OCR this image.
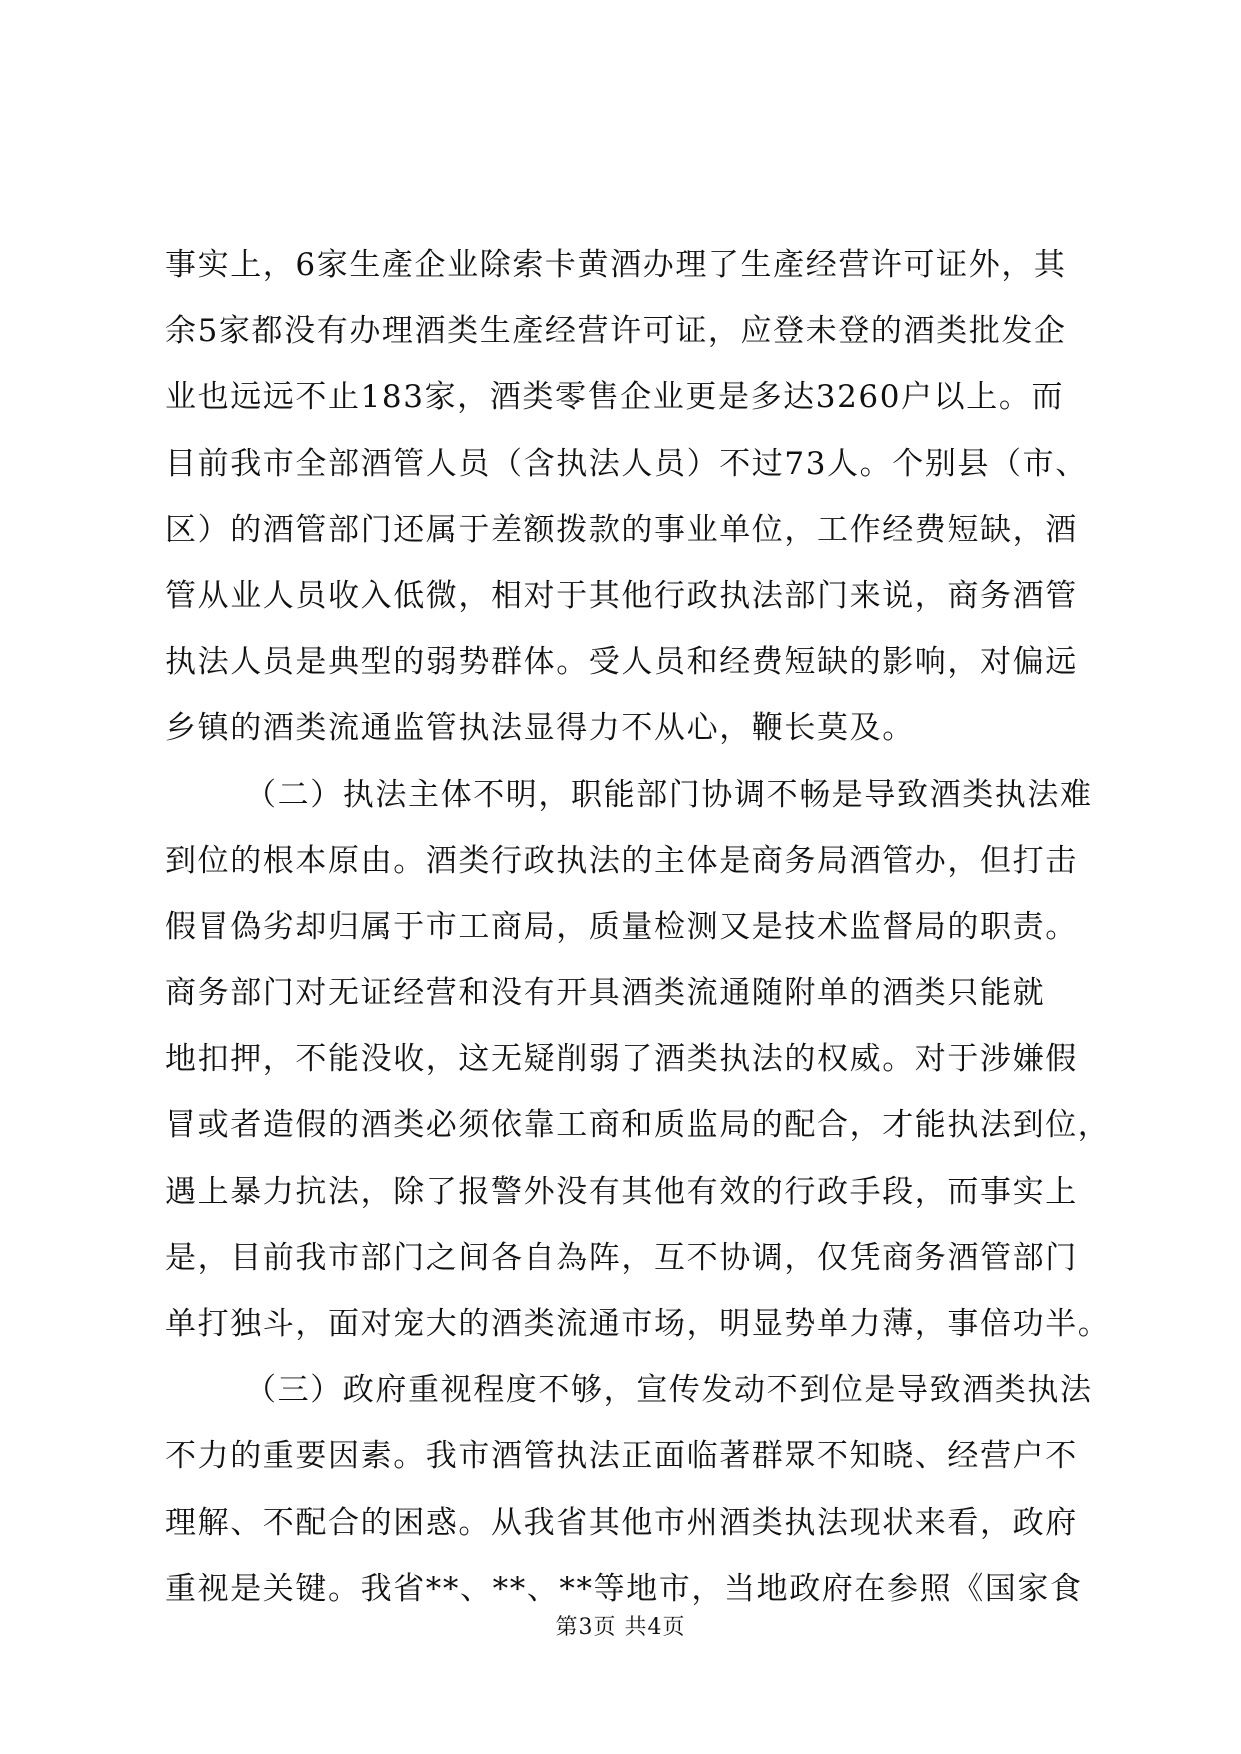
事实上，6家生產企业除索卡黄酒办理了生產经营许可证外，其
余5家都没有办理酒类生產经营许可证，应登未登的酒类批发企
业也远远不止183家，酒类零售企业更是多达3260户以上。而
目前我市全部酒管人员（含执法人员）不过73人。个别县（市、
区）的酒管部门还属于差额拨款的事业单位，工作经费短缺，酒
管从业人员收入低微，相对于其他行政执法部门来说，商务酒管
执法人员是典型的弱势群体。受人员和经费短缺的影响，对偏远
乡镇的酒类流通监管执法显得力不从心，鞭长莫及。
（二）执法主体不明，职能部门协调不畅是导致酒类执法难
到位的根本原由。酒类行政执法的主体是商务局酒管办，但打击
假冒偽劣却归属于市工商局，质量检测又是技术监督局的职责。
商务部门对无证经营和没有开具酒类流通随附单的酒类只能就
地扣押，不能没收，这无疑削弱了酒类执法的权威。对于涉嫌假
冒或者造假的酒类必须依靠工商和质监局的配合，才能执法到位，
遇上暴力抗法，除了报警外没有其他有效的行政手段，而事实上
是，目前我市部门之间各自為阵，互不协调，仅凭商务酒管部门
单打独斗，面对宠大的酒类流通市场，明显势单力薄，事倍功半。
（三）政府重视程度不够，宣传发动不到位是导致酒类执法
不力的重要因素。我市酒管执法正面临著群眾不知晓、经营户不
理解、不配合的困惑。从我省其他市州酒类执法现状来看，政府
重视是关键。我省**、**、**等地市，当地政府在参照《国家食
第3页 共4页
